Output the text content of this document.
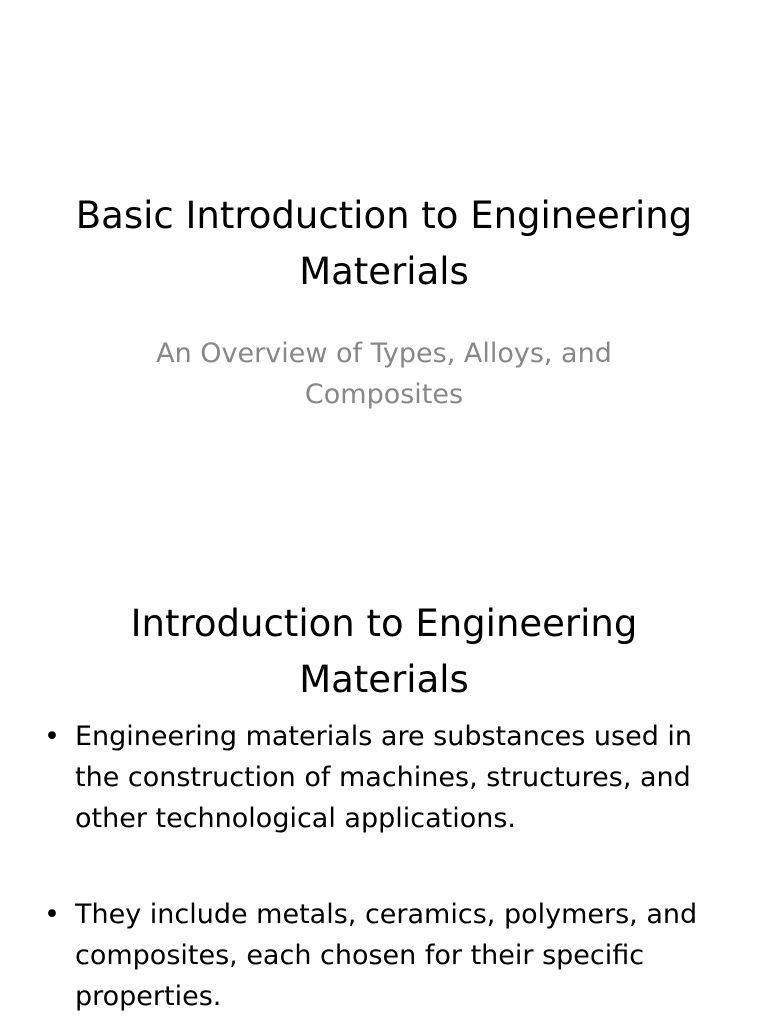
Basic Introduction to Engineering Materials

An Overview of Types, Alloys, and Composites

Introduction to Engineering Materials
• Engineering materials are substances used in the construction of machines, structures, and other technological applications.
• They include metals, ceramics, polymers, and composites, each chosen for their specific properties.
